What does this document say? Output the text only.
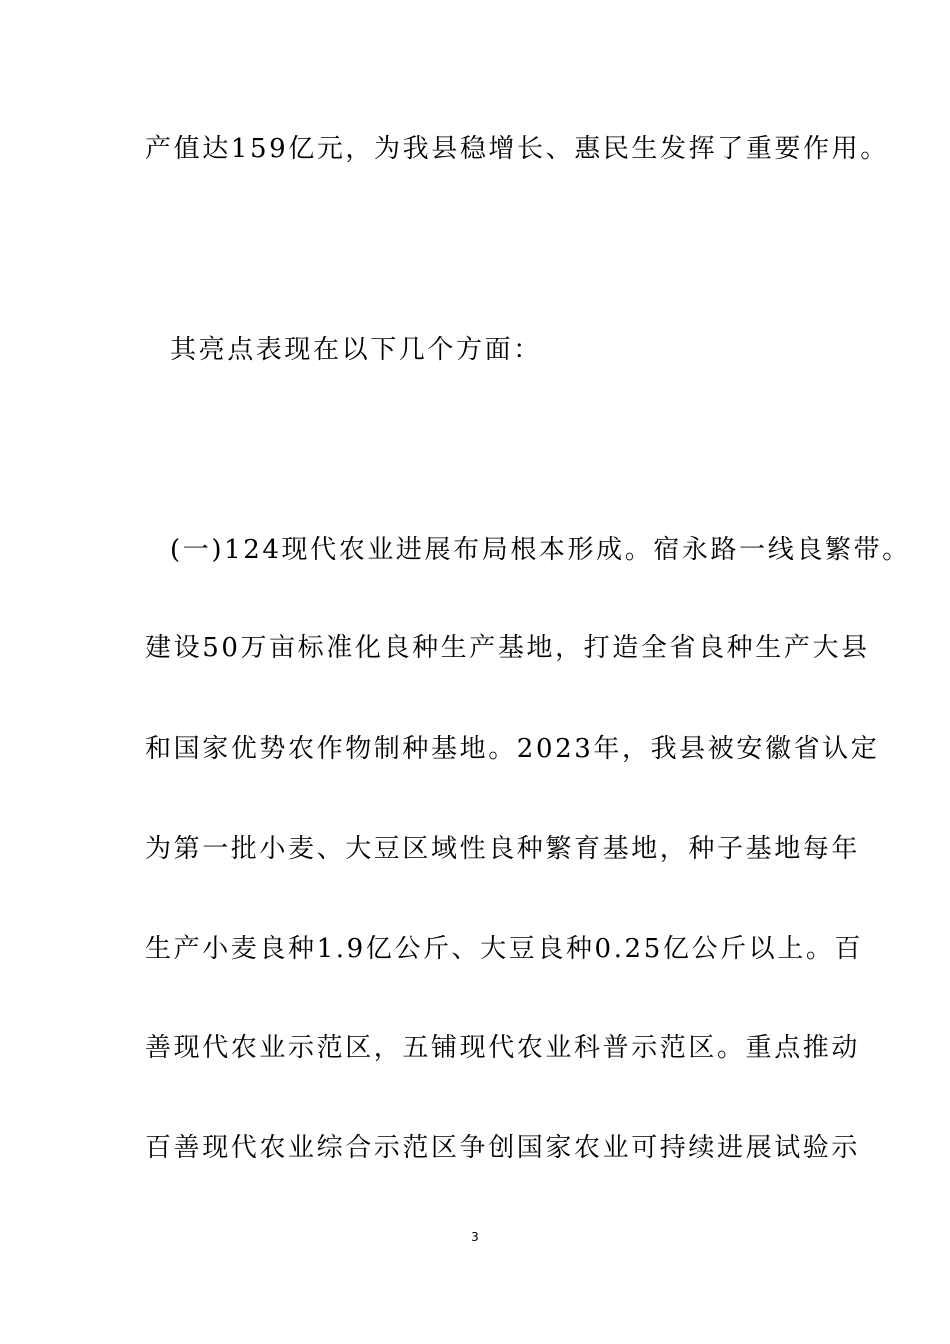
产值达159亿元，为我县稳增长、惠民生发挥了重要作用。
其亮点表现在以下几个方面：
(一)124现代农业进展布局根本形成。宿永路一线良繁带。
建设50万亩标准化良种生产基地，打造全省良种生产大县
和国家优势农作物制种基地。2023年，我县被安徽省认定
为第一批小麦、大豆区域性良种繁育基地，种子基地每年
生产小麦良种1.9亿公斤、大豆良种0.25亿公斤以上。百
善现代农业示范区，五铺现代农业科普示范区。重点推动
百善现代农业综合示范区争创国家农业可持续进展试验示
3
